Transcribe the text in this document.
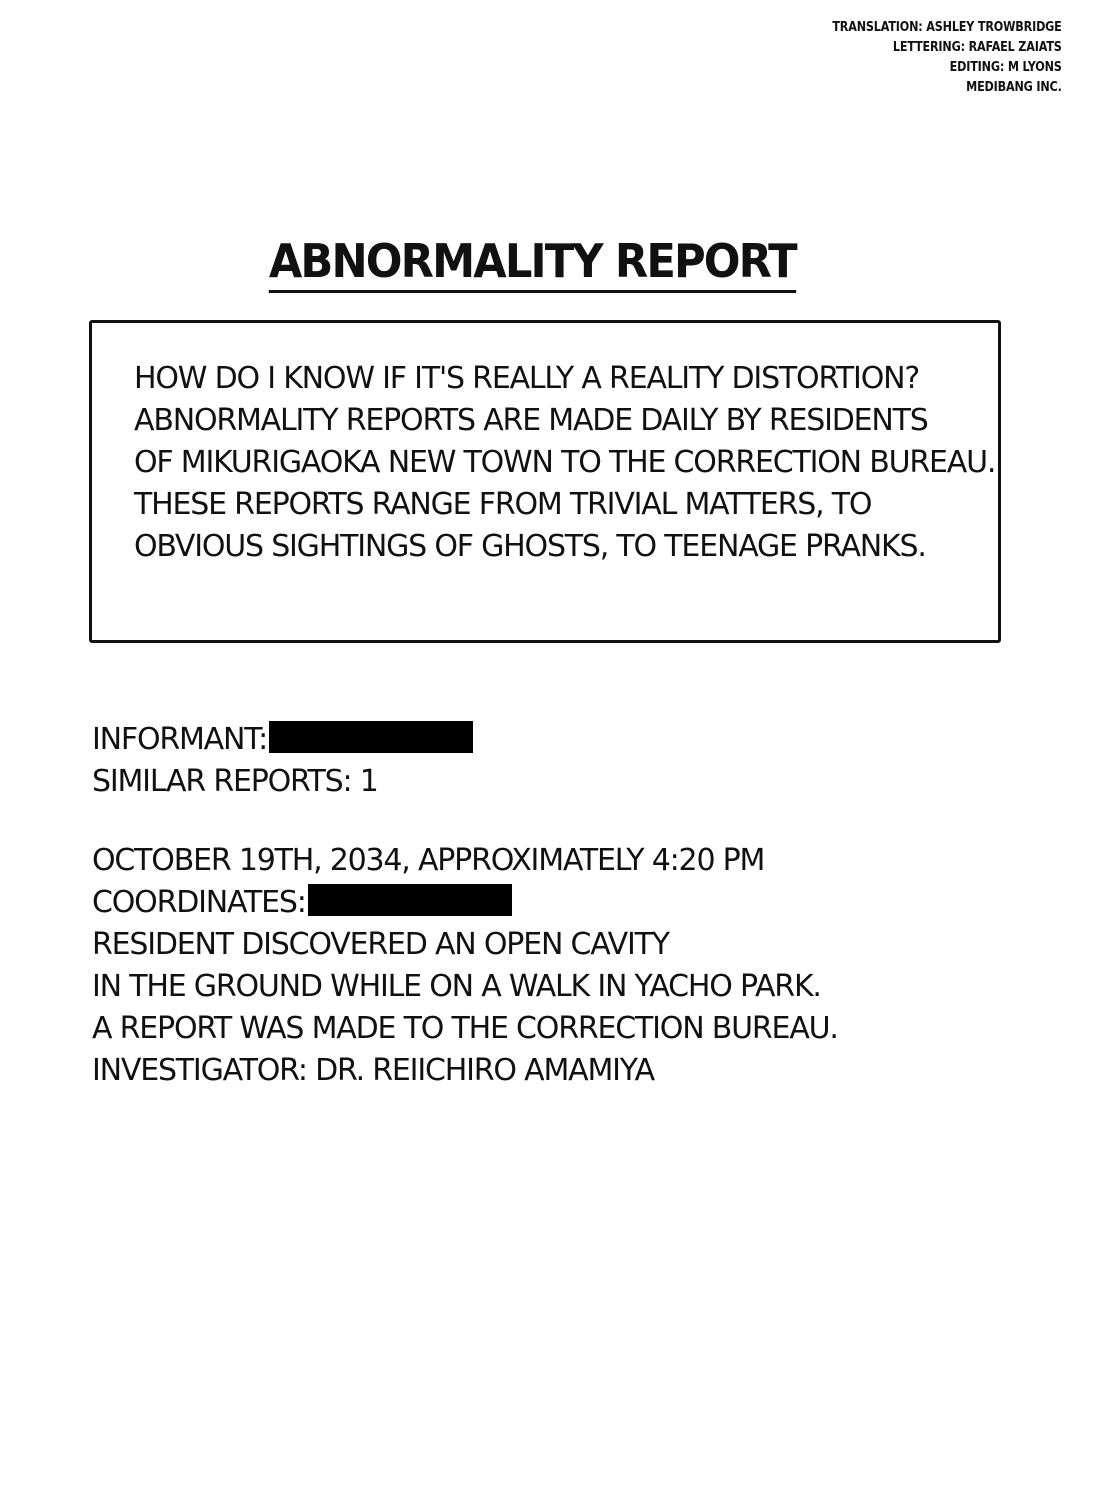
TRANSLATION: ASHLEY TROWBRIDGE
LETTERING: RAFAEL ZAIATS
EDITING: M LYONS
MEDIBANG INC.
ABNORMALITY REPORT
HOW DO I KNOW IF IT'S REALLY A REALITY DISTORTION?
ABNORMALITY REPORTS ARE MADE DAILY BY RESIDENTS
OF MIKURIGAOKA NEW TOWN TO THE CORRECTION BUREAU.
THESE REPORTS RANGE FROM TRIVIAL MATTERS, TO
OBVIOUS SIGHTINGS OF GHOSTS, TO TEENAGE PRANKS.
INFORMANT:
SIMILAR REPORTS: 1
OCTOBER 19TH, 2034, APPROXIMATELY 4:20 PM
COORDINATES:
RESIDENT DISCOVERED AN OPEN CAVITY
IN THE GROUND WHILE ON A WALK IN YACHO PARK.
A REPORT WAS MADE TO THE CORRECTION BUREAU.
INVESTIGATOR: DR. REIICHIRO AMAMIYA
